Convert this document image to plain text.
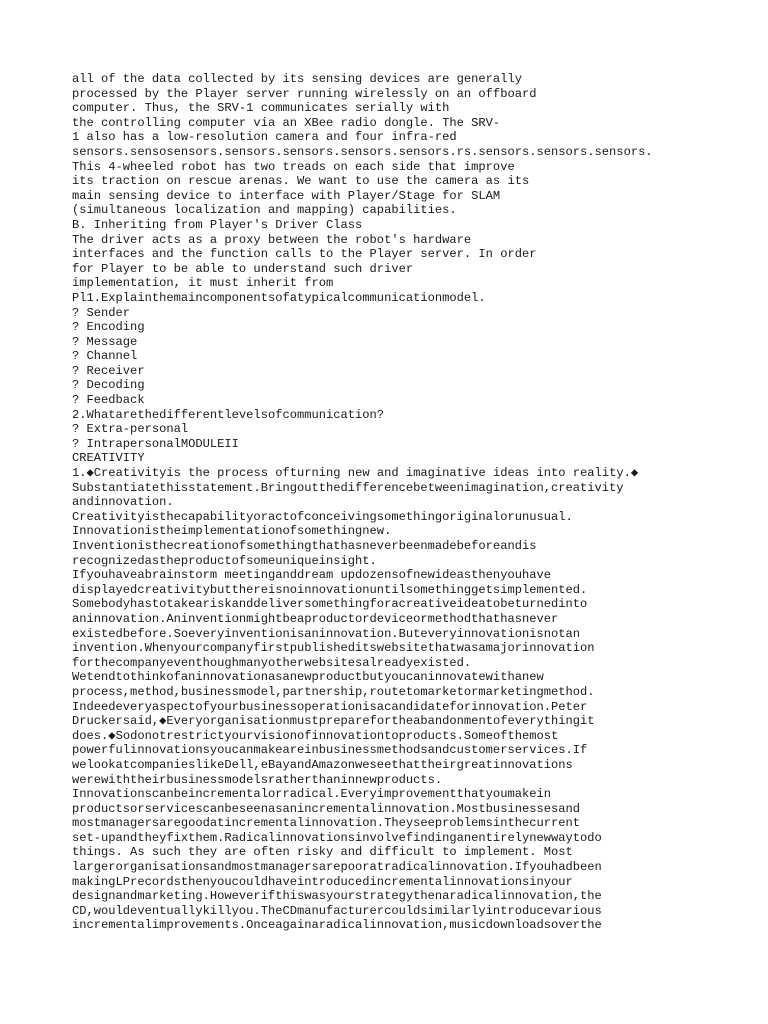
all of the data collected by its sensing devices are generally
processed by the Player server running wirelessly on an offboard
computer. Thus, the SRV-1 communicates serially with
the controlling computer via an XBee radio dongle. The SRV-
1 also has a low-resolution camera and four infra-red
sensors.sensosensors.sensors.sensors.sensors.sensors.rs.sensors.sensors.sensors.
This 4-wheeled robot has two treads on each side that improve
its traction on rescue arenas. We want to use the camera as its
main sensing device to interface with Player/Stage for SLAM
(simultaneous localization and mapping) capabilities.
B. Inheriting from Player's Driver Class
The driver acts as a proxy between the robot's hardware
interfaces and the function calls to the Player server. In order
for Player to be able to understand such driver
implementation, it must inherit from
Pl1.Explainthemaincomponentsofatypicalcommunicationmodel.
? Sender
? Encoding
? Message
? Channel
? Receiver
? Decoding
? Feedback
2.Whatarethedifferentlevelsofcommunication?
? Extra-personal
? IntrapersonalMODULEII
CREATIVITY
1.◆Creativityis the process ofturning new and imaginative ideas into reality.◆
Substantiatethisstatement.Bringoutthedifferencebetweenimagination,creativity
andinnovation.
Creativityisthecapabilityoractofconceivingsomethingoriginalorunusual.
Innovationistheimplementationofsomethingnew.
Inventionisthecreationofsomethingthathasneverbeenmadebeforeandis
recognizedastheproductofsomeuniqueinsight.
Ifyouhaveabrainstorm meetinganddream updozensofnewideasthenyouhave
displayedcreativitybutthereisnoinnovationuntilsomethinggetsimplemented.
Somebodyhastotakeariskanddeliversomethingforacreativeideatobeturnedinto
aninnovation.Aninventionmightbeaproductordeviceormethodthathasnever
existedbefore.Soeveryinventionisaninnovation.Buteveryinnovationisnotan
invention.Whenyourcompanyfirstpublisheditswebsitethatwasamajorinnovation
forthecompanyeventhoughmanyotherwebsitesalreadyexisted.
Wetendtothinkofaninnovationasanewproductbutyoucaninnovatewithanew
process,method,businessmodel,partnership,routetomarketormarketingmethod.
Indeedeveryaspectofyourbusinessoperationisacandidateforinnovation.Peter
Druckersaid,◆Everyorganisationmustpreparefortheabandonmentofeverythingit
does.◆Sodonotrestrictyourvisionofinnovationtoproducts.Someofthemost
powerfulinnovationsyoucanmakeareinbusinessmethodsandcustomerservices.If
welookatcompanieslikeDell,eBayandAmazonweseethattheirgreatinnovations
werewiththeirbusinessmodelsratherthaninnewproducts.
Innovationscanbeincrementalorradical.Everyimprovementthatyoumakein
productsorservicescanbeseenasanincrementalinnovation.Mostbusinessesand
mostmanagersaregoodatincrementalinnovation.Theyseeproblemsinthecurrent
set-upandtheyfixthem.Radicalinnovationsinvolvefindinganentirelynewwaytodo
things. As such they are often risky and difficult to implement. Most
largerorganisationsandmostmanagersarepooratradicalinnovation.Ifyouhadbeen
makingLPrecordsthenyoucouldhaveintroducedincrementalinnovationsinyour
designandmarketing.Howeverifthiswasyourstrategythenaradicalinnovation,the
CD,wouldeventuallykillyou.TheCDmanufacturercouldsimilarlyintroducevarious
incrementalimprovements.Onceagainaradicalinnovation,musicdownloadsoverthe
